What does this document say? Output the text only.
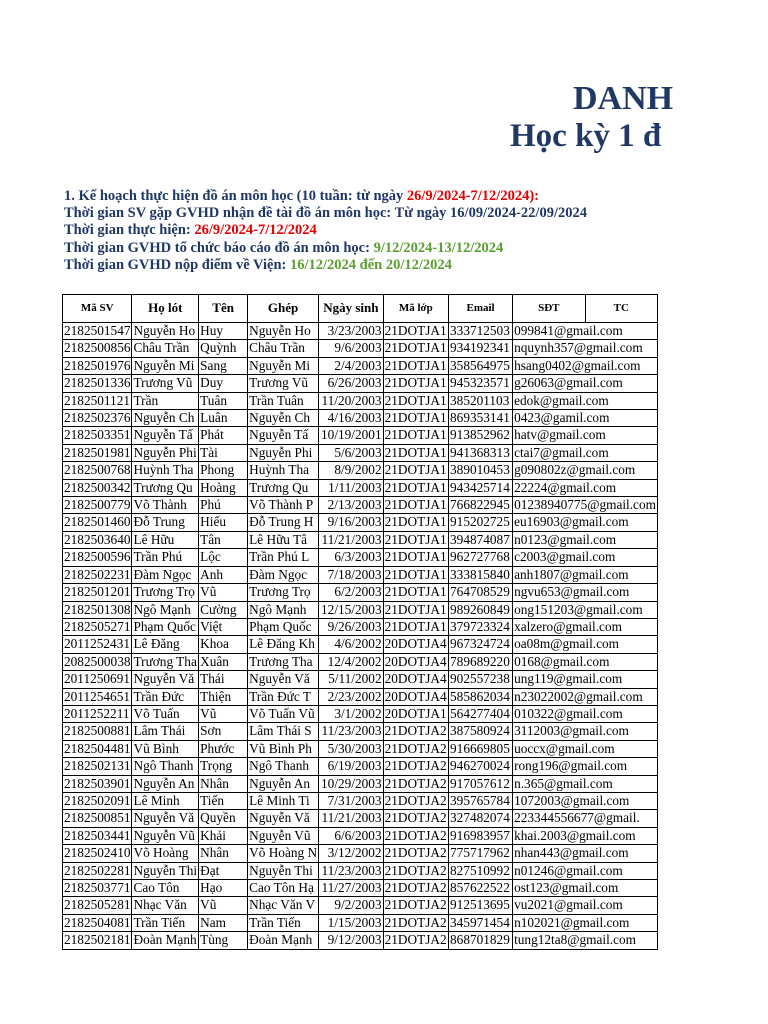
DANH
Học kỳ 1 đ
1. Kế hoạch thực hiện đồ án môn học (10 tuần: từ ngày 26/9/2024-7/12/2024):
Thời gian SV gặp GVHD nhận đề tài đồ án môn học: Từ ngày 16/09/2024-22/09/2024
Thời gian thực hiện: 26/9/2024-7/12/2024
Thời gian GVHD tổ chức báo cáo đồ án môn học: 9/12/2024-13/12/2024
Thời gian GVHD nộp điểm về Viện: 16/12/2024 đến 20/12/2024
Mã SV	Họ lót	Tên	Ghép	Ngày sinh	Mã lớp	Email	SĐT	TC
2182501547	Nguyễn Ho	Huy	Nguyễn Ho	3/23/2003	21DOTJA1	333712503	099841@gmail.com	
2182500856	Châu Trần	Quỳnh	Châu Trần	9/6/2003	21DOTJA1	934192341	nquynh357@gmail.com	
2182501976	Nguyễn Mi	Sang	Nguyễn Mi	2/4/2003	21DOTJA1	358564975	hsang0402@gmail.com	
2182501336	Trương Vũ	Duy	Trương Vũ	6/26/2003	21DOTJA1	945323571	g26063@gmail.com	
2182501121	Trần	Tuân	Trần Tuân	11/20/2003	21DOTJA1	385201103	edok@gmail.com	
2182502376	Nguyễn Ch	Luân	Nguyễn Ch	4/16/2003	21DOTJA1	869353141	0423@gamil.com	
2182503351	Nguyễn Tấ	Phát	Nguyễn Tấ	10/19/2001	21DOTJA1	913852962	hatv@gmail.com	
2182501981	Nguyễn Phi	Tài	Nguyễn Phi	5/6/2003	21DOTJA1	941368313	ctai7@gmail.com	
2182500768	Huỳnh Tha	Phong	Huỳnh Tha	8/9/2002	21DOTJA1	389010453	g090802z@gmail.com	
2182500342	Trương Qu	Hoàng	Trương Qu	1/11/2003	21DOTJA1	943425714	22224@gmail.com	
2182500779	Võ Thành	Phú	Võ Thành P	2/13/2003	21DOTJA1	766822945	01238940775@gmail.com	
2182501460	Đỗ Trung	Hiếu	Đỗ Trung H	9/16/2003	21DOTJA1	915202725	eu16903@gmail.com	
2182503640	Lê Hữu	Tân	Lê Hữu Tâ	11/21/2003	21DOTJA1	394874087	n0123@gmail.com	
2182500596	Trần Phú	Lộc	Trần Phú L	6/3/2003	21DOTJA1	962727768	c2003@gmail.com	
2182502231	Đàm Ngọc	Anh	Đàm Ngọc	7/18/2003	21DOTJA1	333815840	anh1807@gmail.com	
2182501201	Trương Trọ	Vũ	Trương Trọ	6/2/2003	21DOTJA1	764708529	ngvu653@gmail.com	
2182501308	Ngô Mạnh	Cường	Ngô Mạnh	12/15/2003	21DOTJA1	989260849	ong151203@gmail.com	
2182505271	Phạm Quốc	Việt	Phạm Quốc	9/26/2003	21DOTJA1	379723324	xalzero@gmail.com	
2011252431	Lê Đăng	Khoa	Lê Đăng Kh	4/6/2002	20DOTJA4	967324724	oa08m@gmail.com	
2082500038	Trương Tha	Xuân	Trương Tha	12/4/2002	20DOTJA4	789689220	0168@gmail.com	
2011250691	Nguyễn Vă	Thái	Nguyễn Vă	5/11/2002	20DOTJA4	902557238	ung119@gmail.com	
2011254651	Trần Đức	Thiện	Trần Đức T	2/23/2002	20DOTJA4	585862034	n23022002@gmail.com	
2011252211	Võ Tuấn	Vũ	Võ Tuấn Vũ	3/1/2002	20DOTJA1	564277404	010322@gmail.com	
2182500881	Lâm Thái	Sơn	Lâm Thái S	11/23/2003	21DOTJA2	387580924	3112003@gmail.com	
2182504481	Vũ Bình	Phước	Vũ Bình Ph	5/30/2003	21DOTJA2	916669805	uoccx@gmail.com	
2182502131	Ngô Thanh	Trọng	Ngô Thanh	6/19/2003	21DOTJA2	946270024	rong196@gmail.com	
2182503901	Nguyễn An	Nhân	Nguyễn An	10/29/2003	21DOTJA2	917057612	n.365@gmail.com	
2182502091	Lê Minh	Tiến	Lê Minh Ti	7/31/2003	21DOTJA2	395765784	1072003@gmail.com	
2182500851	Nguyễn Vă	Quyền	Nguyễn Vă	11/21/2003	21DOTJA2	327482074	223344556677@gmail.	
2182503441	Nguyễn Vũ	Khải	Nguyễn Vũ	6/6/2003	21DOTJA2	916983957	khai.2003@gmail.com	
2182502410	Võ Hoàng	Nhân	Võ Hoàng N	3/12/2002	21DOTJA2	775717962	nhan443@gmail.com	
2182502281	Nguyễn Thi	Đạt	Nguyễn Thi	11/23/2003	21DOTJA2	827510992	n01246@gmail.com	
2182503771	Cao Tôn	Hạo	Cao Tôn Hạ	11/27/2003	21DOTJA2	857622522	ost123@gmail.com	
2182505281	Nhạc Văn	Vũ	Nhạc Văn V	9/2/2003	21DOTJA2	912513695	vu2021@gmail.com	
2182504081	Trần Tiến	Nam	Trần Tiến	1/15/2003	21DOTJA2	345971454	n102021@gmail.com	
2182502181	Đoàn Mạnh	Tùng	Đoàn Mạnh	9/12/2003	21DOTJA2	868701829	tung12ta8@gmail.com	
